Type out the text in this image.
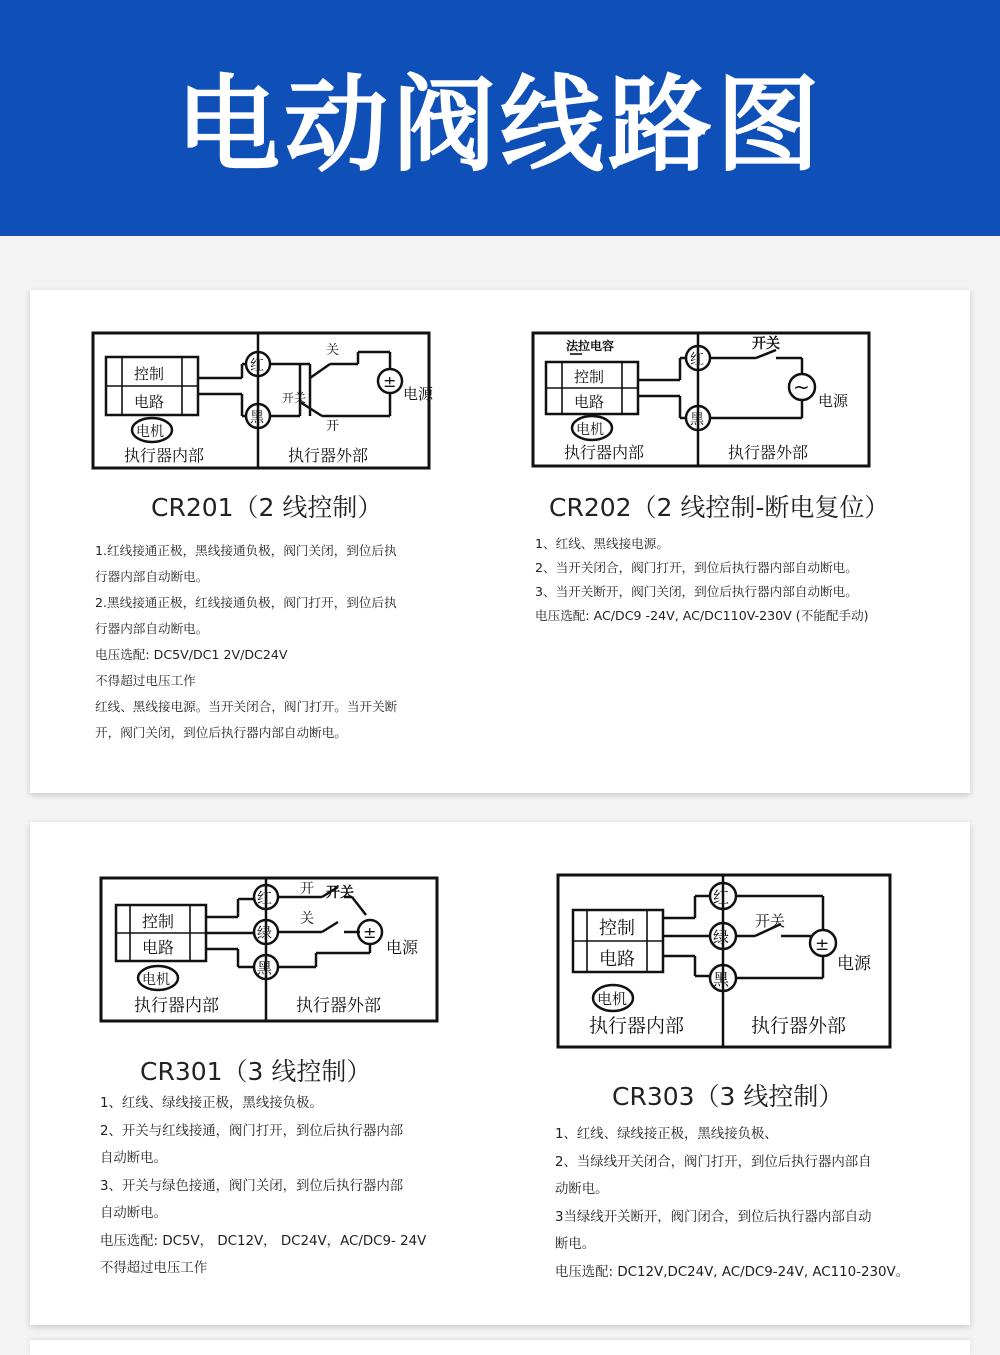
电动阀线路图
控制
电路
电机
红
黑
±
关
开
开关	电源
执行器内部	执行器外部
CR201（2 线控制）

1.红线接通正极，黑线接通负极，阀门关闭，到位后执

行器内部自动断电。

2.黑线接通正极，红线接通负极，阀门打开，到位后执

行器内部自动断电。

电压选配: DC5V/DC1 2V/DC24V

不得超过电压工作

红线、黑线接电源。当开关闭合，阀门打开。当开关断

开，阀门关闭，到位后执行器内部自动断电。

法拉电容
控制
电路
电机
红
黑
~
开关
电源
执行器内部	执行器外部
CR202（2 线控制-断电复位）

1、红线、黑线接电源。

2、当开关闭合，阀门打开，到位后执行器内部自动断电。

3、当开关断开，阀门关闭，到位后执行器内部自动断电。

电压选配: AC/DC9 -24V, AC/DC110V-230V (不能配手动)

控制
电路
电机
红
绿
黑
±
开 开关
关
电源
执行器内部	执行器外部
CR301（3 线控制）

1、红线、绿线接正极，黑线接负极。

2、开关与红线接通，阀门打开，到位后执行器内部

自动断电。

3、开关与绿色接通，阀门关闭，到位后执行器内部

自动断电。

电压选配: DC5V， DC12V， DC24V，AC/DC9- 24V

不得超过电压工作

控制
电路
电机
红
绿
黑
±
开关
电源
执行器内部	执行器外部
CR303（3 线控制）

1、红线、绿线接正极，黑线接负极、

2、当绿线开关闭合，阀门打开，到位后执行器内部自

动断电。

3当绿线开关断开，阀门闭合，到位后执行器内部自动

断电。

电压选配: DC12V,DC24V, AC/DC9-24V, AC110-230V。
